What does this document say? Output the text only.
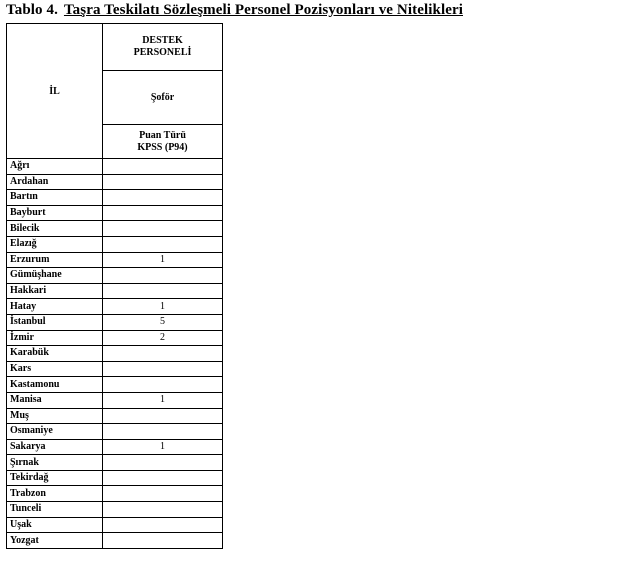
Tablo 4. Taşra Teskilatı Sözleşmeli Personel Pozisyonları ve Nitelikleri
İL	DESTEK
PERSONELİ

	Şoför

	Puan Türü
KPSS (P94)

Ağrı	
Ardahan	
Bartın	
Bayburt	
Bilecik	
Elazığ	
Erzurum	1
Gümüşhane	
Hakkari	
Hatay	1
İstanbul	5
İzmir	2
Karabük	
Kars	
Kastamonu	
Manisa	1
Muş	
Osmaniye	
Sakarya	1
Şırnak	
Tekirdağ	
Trabzon	
Tunceli	
Uşak	
Yozgat	
